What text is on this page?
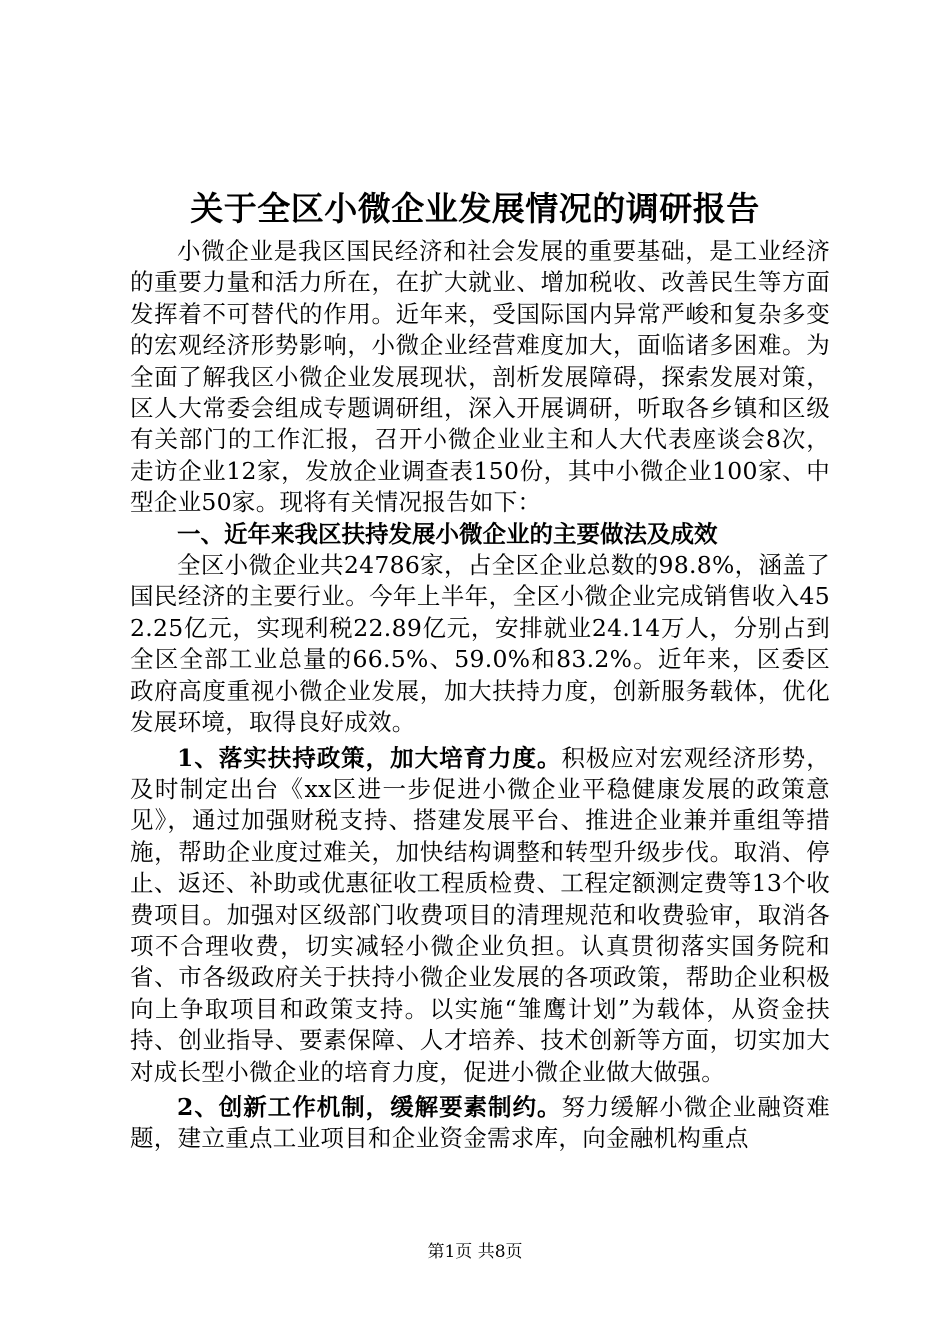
关于全区小微企业发展情况的调研报告

小微企业是我区国民经济和社会发展的重要基础，是工业经济的重要力量和活力所在，在扩大就业、增加税收、改善民生等方面发挥着不可替代的作用。近年来，受国际国内异常严峻和复杂多变的宏观经济形势影响，小微企业经营难度加大，面临诸多困难。为全面了解我区小微企业发展现状，剖析发展障碍，探索发展对策，区人大常委会组成专题调研组，深入开展调研，听取各乡镇和区级有关部门的工作汇报，召开小微企业业主和人大代表座谈会8次，走访企业12家，发放企业调查表150份，其中小微企业100家、中型企业50家。现将有关情况报告如下：

一、近年来我区扶持发展小微企业的主要做法及成效

全区小微企业共24786家，占全区企业总数的98.8%，涵盖了国民经济的主要行业。今年上半年，全区小微企业完成销售收入452.25亿元，实现利税22.89亿元，安排就业24.14万人，分别占到全区全部工业总量的66.5%、59.0%和83.2%。近年来，区委区政府高度重视小微企业发展，加大扶持力度，创新服务载体，优化发展环境，取得良好成效。

1、落实扶持政策，加大培育力度。积极应对宏观经济形势，及时制定出台《xx区进一步促进小微企业平稳健康发展的政策意见》，通过加强财税支持、搭建发展平台、推进企业兼并重组等措施，帮助企业度过难关，加快结构调整和转型升级步伐。取消、停止、返还、补助或优惠征收工程质检费、工程定额测定费等13个收费项目。加强对区级部门收费项目的清理规范和收费验审，取消各项不合理收费，切实减轻小微企业负担。认真贯彻落实国务院和省、市各级政府关于扶持小微企业发展的各项政策，帮助企业积极向上争取项目和政策支持。以实施“雏鹰计划”为载体，从资金扶持、创业指导、要素保障、人才培养、技术创新等方面，切实加大对成长型小微企业的培育力度，促进小微企业做大做强。

2、创新工作机制，缓解要素制约。努力缓解小微企业融资难题，建立重点工业项目和企业资金需求库，向金融机构重点

第1页 共8页
